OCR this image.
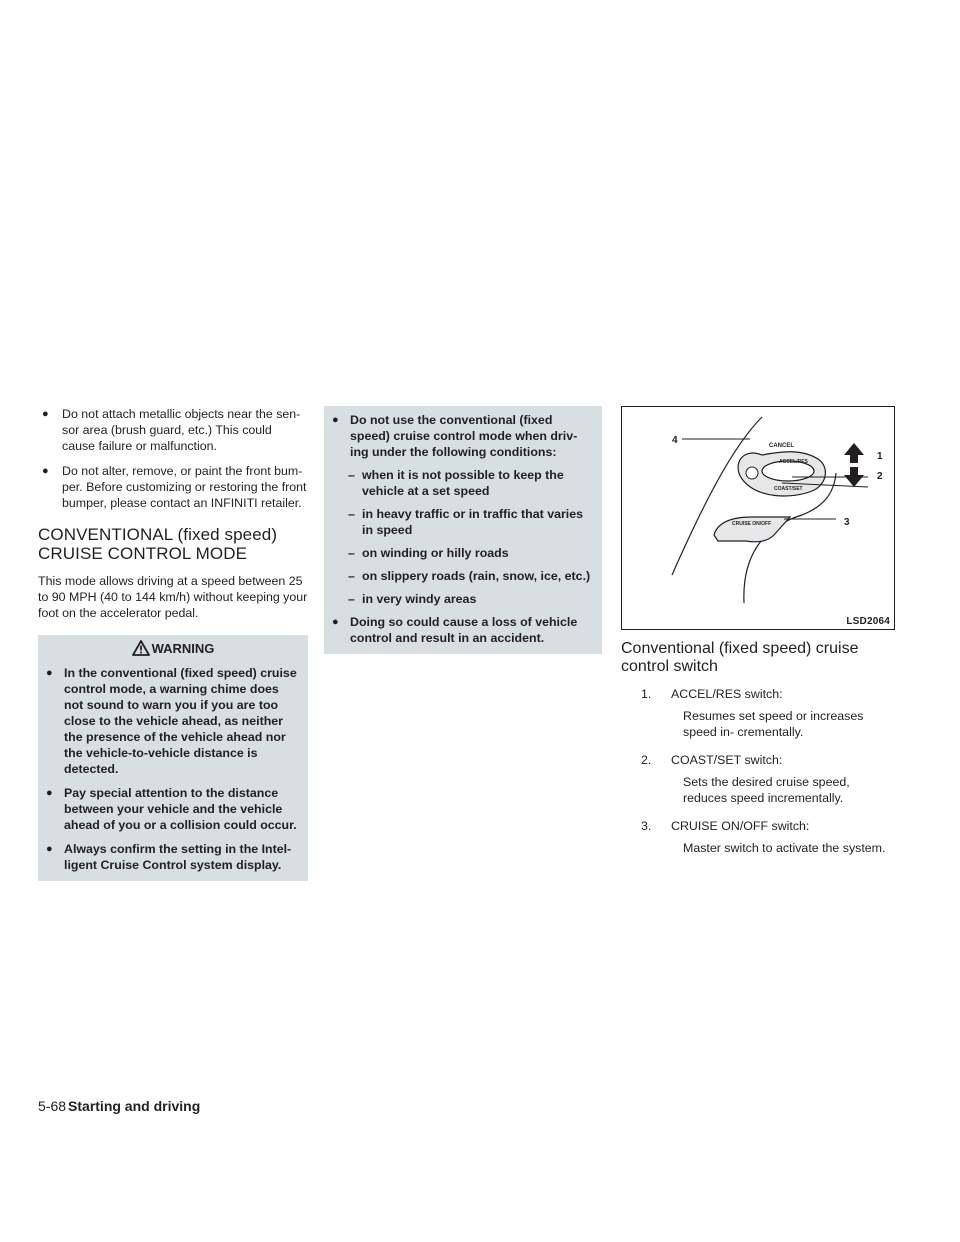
● Do not attach metallic objects near the sen- sor area (brush guard, etc.) This could cause failure or malfunction.
● Do not alter, remove, or paint the front bum- per. Before customizing or restoring the front bumper, please contact an INFINITI retailer.
CONVENTIONAL (fixed speed)
CRUISE CONTROL MODE
This mode allows driving at a speed between 25 to 90 MPH (40 to 144 km/h) without keeping your foot on the accelerator pedal.
WARNING
● In the conventional (fixed speed) cruise control mode, a warning chime does not sound to warn you if you are too close to the vehicle ahead, as neither the presence of the vehicle ahead nor the vehicle-to-vehicle distance is detected.
● Pay special attention to the distance between your vehicle and the vehicle ahead of you or a collision could occur.
● Always confirm the setting in the Intel- ligent Cruise Control system display.
● Do not use the conventional (fixed speed) cruise control mode when driv- ing under the following conditions:
– when it is not possible to keep the vehicle at a set speed
– in heavy traffic or in traffic that varies in speed
– on winding or hilly roads
– on slippery roads (rain, snow, ice, etc.)
– in very windy areas
● Doing so could cause a loss of vehicle control and result in an accident.
CANCEL
ACCEL/RES
COAST/SET
CRUISE ON/OFF
1
2
3
4
LSD2064
Conventional (fixed speed) cruise
control switch
1. ACCEL/RES switch:
Resumes set speed or increases speed in- crementally.
2. COAST/SET switch:
Sets the desired cruise speed, reduces speed incrementally.
3. CRUISE ON/OFF switch:
Master switch to activate the system.
5-68 Starting and driving
